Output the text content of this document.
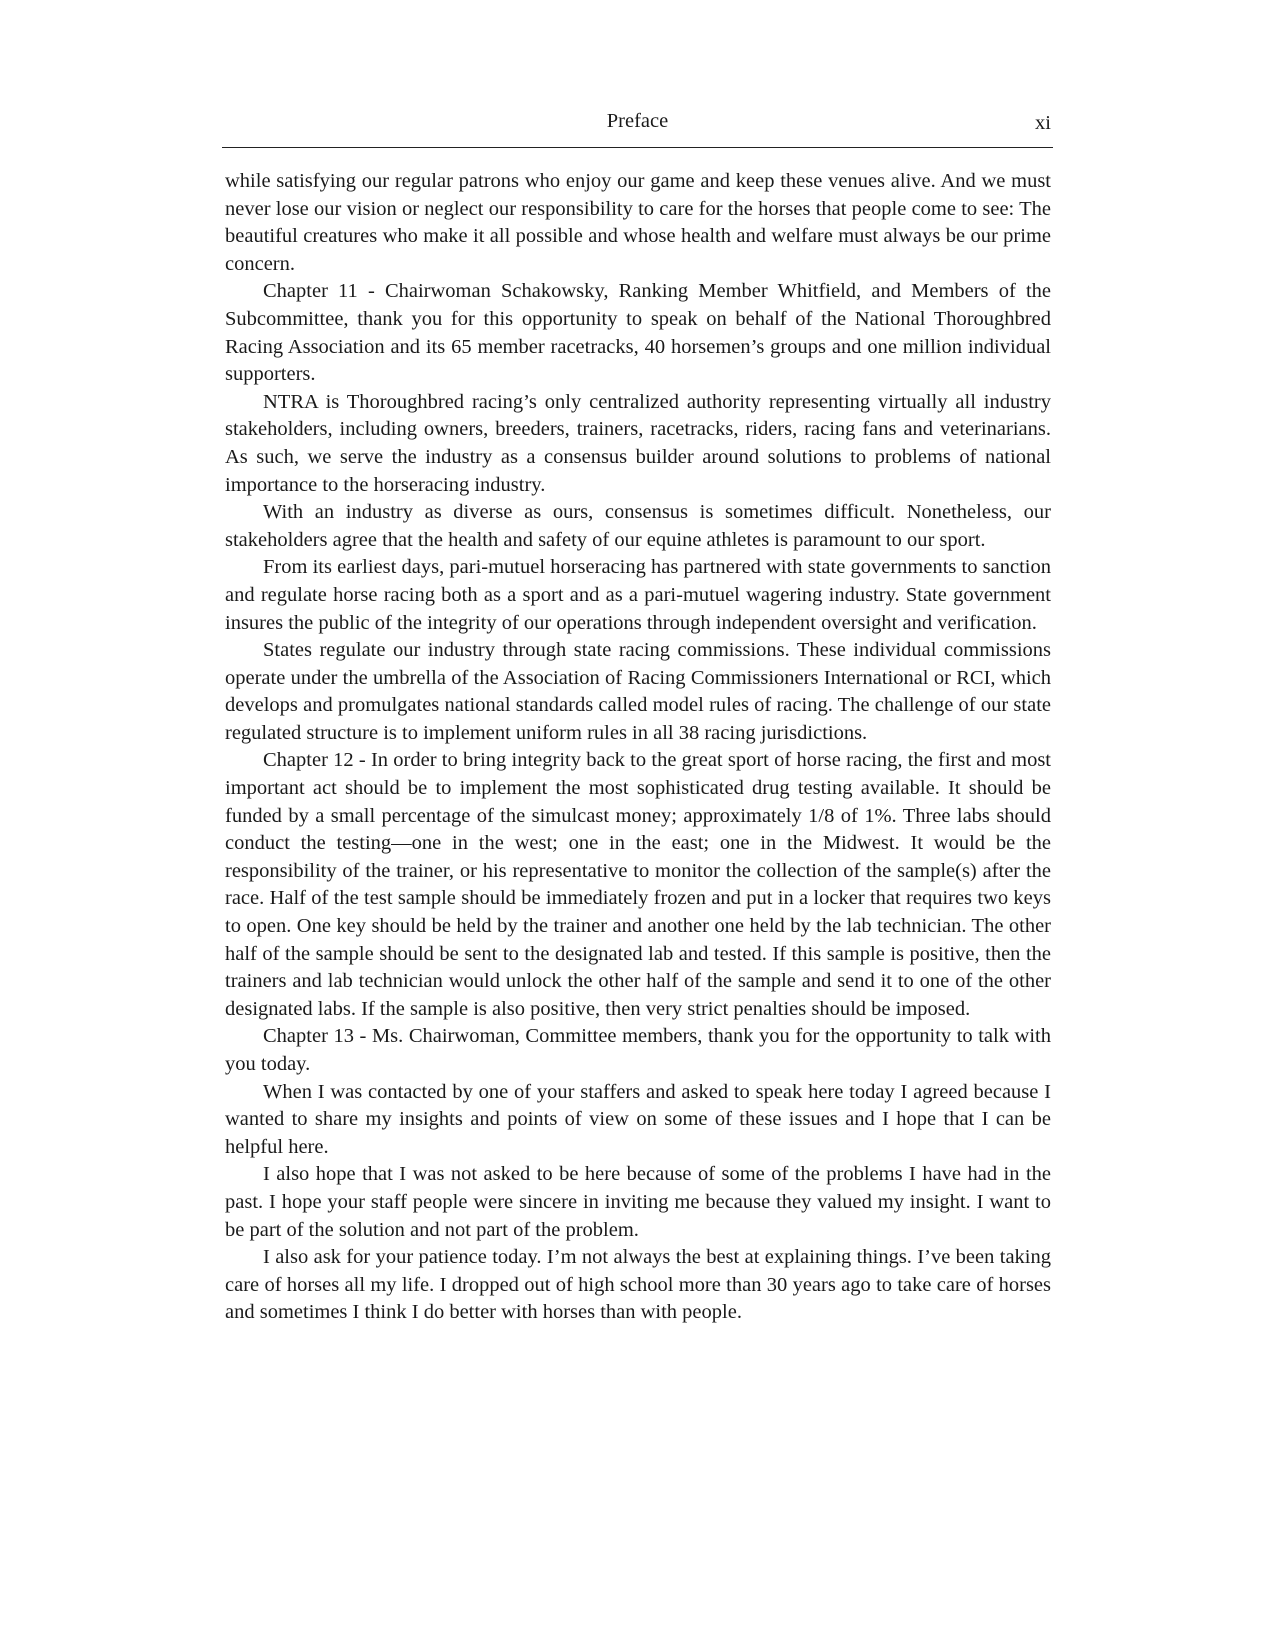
Preface	xi

while satisfying our regular patrons who enjoy our game and keep these venues alive. And we must never lose our vision or neglect our responsibility to care for the horses that people come to see: The beautiful creatures who make it all possible and whose health and welfare must always be our prime concern.

Chapter 11 - Chairwoman Schakowsky, Ranking Member Whitfield, and Members of the Subcommittee, thank you for this opportunity to speak on behalf of the National Thoroughbred Racing Association and its 65 member racetracks, 40 horsemen’s groups and one million individual supporters.

NTRA is Thoroughbred racing’s only centralized authority representing virtually all industry stakeholders, including owners, breeders, trainers, racetracks, riders, racing fans and veterinarians. As such, we serve the industry as a consensus builder around solutions to problems of national importance to the horseracing industry.

With an industry as diverse as ours, consensus is sometimes difficult. Nonetheless, our stakeholders agree that the health and safety of our equine athletes is paramount to our sport.

From its earliest days, pari-mutuel horseracing has partnered with state governments to sanction and regulate horse racing both as a sport and as a pari-mutuel wagering industry. State government insures the public of the integrity of our operations through independent oversight and verification.

States regulate our industry through state racing commissions. These individual commissions operate under the umbrella of the Association of Racing Commissioners International or RCI, which develops and promulgates national standards called model rules of racing. The challenge of our state regulated structure is to implement uniform rules in all 38 racing jurisdictions.

Chapter 12 - In order to bring integrity back to the great sport of horse racing, the first and most important act should be to implement the most sophisticated drug testing available. It should be funded by a small percentage of the simulcast money; approximately 1/8 of 1%. Three labs should conduct the testing—one in the west; one in the east; one in the Midwest. It would be the responsibility of the trainer, or his representative to monitor the collection of the sample(s) after the race. Half of the test sample should be immediately frozen and put in a locker that requires two keys to open. One key should be held by the trainer and another one held by the lab technician. The other half of the sample should be sent to the designated lab and tested. If this sample is positive, then the trainers and lab technician would unlock the other half of the sample and send it to one of the other designated labs. If the sample is also positive, then very strict penalties should be imposed.

Chapter 13 - Ms. Chairwoman, Committee members, thank you for the opportunity to talk with you today.

When I was contacted by one of your staffers and asked to speak here today I agreed because I wanted to share my insights and points of view on some of these issues and I hope that I can be helpful here.

I also hope that I was not asked to be here because of some of the problems I have had in the past. I hope your staff people were sincere in inviting me because they valued my insight. I want to be part of the solution and not part of the problem.

I also ask for your patience today. I’m not always the best at explaining things. I’ve been taking care of horses all my life. I dropped out of high school more than 30 years ago to take care of horses and sometimes I think I do better with horses than with people.
